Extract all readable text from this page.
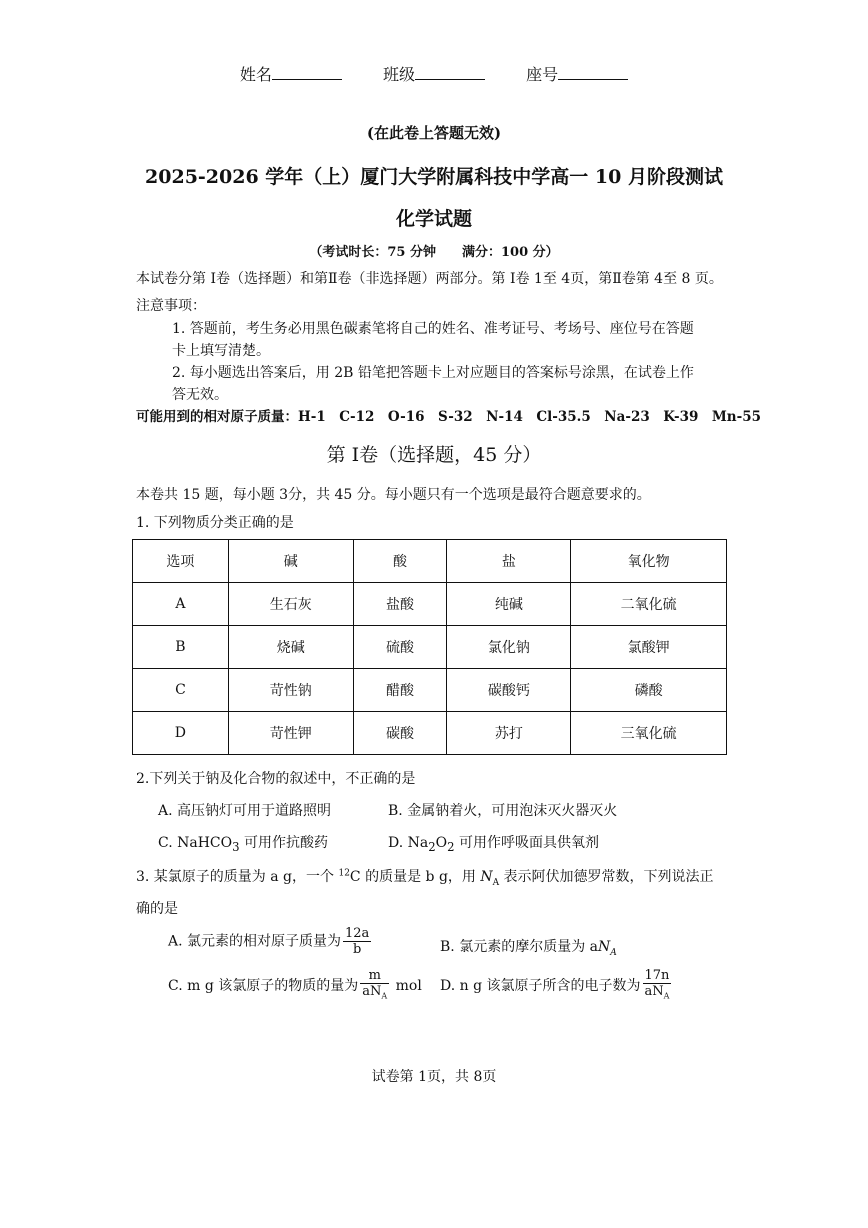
姓名	班级	座号
(在此卷上答题无效)
2025-2026 学年（上）厦门大学附属科技中学高一 10 月阶段测试
化学试题
（考试时长：75 分钟　　满分：100 分）
本试卷分第 Ⅰ卷（选择题）和第Ⅱ卷（非选择题）两部分。第 Ⅰ卷 1至 4页，第Ⅱ卷第 4至 8 页。
注意事项：
1. 答题前，考生务必用黑色碳素笔将自己的姓名、准考证号、考场号、座位号在答题
卡上填写清楚。
2. 每小题选出答案后，用 2B 铅笔把答题卡上对应题目的答案标号涂黑，在试卷上作
答无效。
可能用到的相对原子质量：H-1　C-12　O-16　S-32　N-14　Cl-35.5　Na-23　K-39　Mn-55
第 Ⅰ卷（选择题，45 分）
本卷共 15 题，每小题 3分，共 45 分。每小题只有一个选项是最符合题意要求的。
1. 下列物质分类正确的是
选项	碱	酸	盐	氧化物
A	生石灰	盐酸	纯碱	二氧化硫
B	烧碱	硫酸	氯化钠	氯酸钾
C	苛性钠	醋酸	碳酸钙	磷酸
D	苛性钾	碳酸	苏打	三氧化硫
2.下列关于钠及化合物的叙述中，不正确的是
A. 高压钠灯可用于道路照明	B. 金属钠着火，可用泡沫灭火器灭火
C. NaHCO$_3$ 可用作抗酸药	D. $Na_2O_2$ 可用作呼吸面具供氧剂
3. 某氯原子的质量为 a g，一个 $^{12}$C 的质量是 b g，用 $N_A$ 表示阿伏加德罗常数，下列说法正
确的是
A. 氯元素的相对原子质量为 $\frac{12a}{b}$	B. 氯元素的摩尔质量为 $aN_A$
C. m g 该氯原子的物质的量为 $\frac{m}{aN_A}$ mol D. n g 该氯原子所含的电子数为 $\frac{17n}{aN_A}$
试卷第 1页，共 8页
